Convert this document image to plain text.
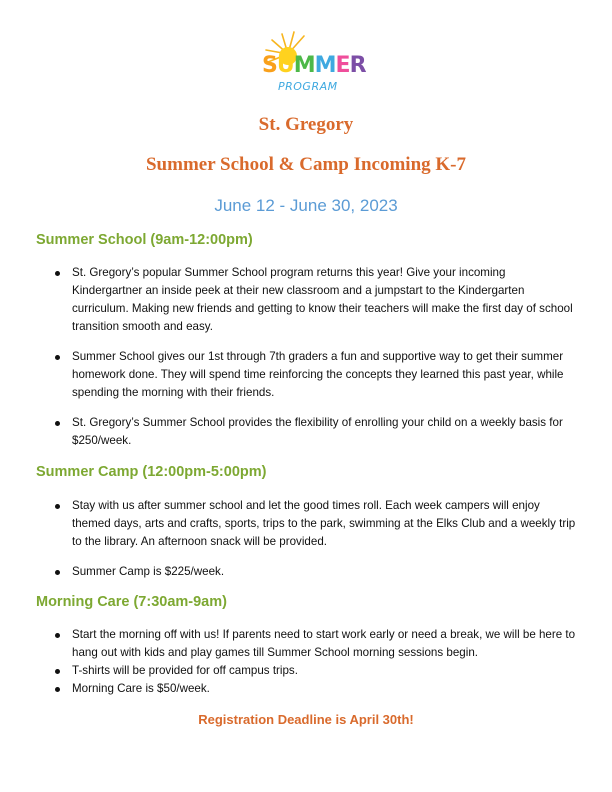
SUMMER
PROGRAM
St. Gregory
Summer School & Camp Incoming K-7

June 12 - June 30, 2023

Summer School (9am-12:00pm)
St. Gregory’s popular Summer School program returns this year! Give your incoming Kindergartner an inside peek at their new classroom and a jumpstart to the Kindergarten curriculum. Making new friends and getting to know their teachers will make the first day of school transition smooth and easy.
Summer School gives our 1st through 7th graders a fun and supportive way to get their summer homework done. They will spend time reinforcing the concepts they learned this past year, while spending the morning with their friends.
St. Gregory’s Summer School provides the flexibility of enrolling your child on a weekly basis for $250/week.
Summer Camp (12:00pm-5:00pm)
Stay with us after summer school and let the good times roll. Each week campers will enjoy themed days, arts and crafts, sports, trips to the park, swimming at the Elks Club and a weekly trip to the library. An afternoon snack will be provided.
Summer Camp is $225/week.
Morning Care (7:30am-9am)
Start the morning off with us! If parents need to start work early or need a break, we will be here to hang out with kids and play games till Summer School morning sessions begin.
T-shirts will be provided for off campus trips.
Morning Care is $50/week.

Registration Deadline is April 30th!
